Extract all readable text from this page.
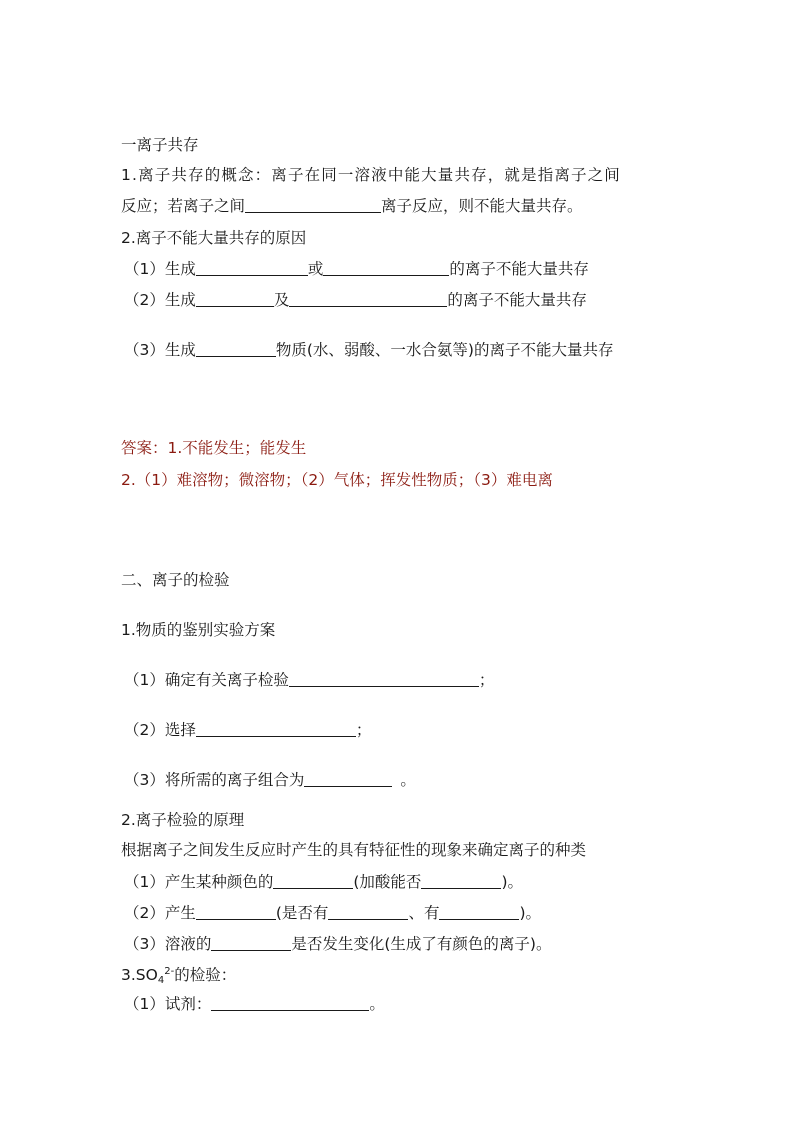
一离子共存
1.离子共存的概念：离子在同一溶液中能大量共存，就是指离子之间
反应；若离子之间	离子反应，则不能大量共存。
2.离子不能大量共存的原因
（1）生成	或	的离子不能大量共存
（2）生成	及	的离子不能大量共存
（3）生成	物质(水、弱酸、一水合氨等)的离子不能大量共存
答案：1.不能发生；能发生
2.（1）难溶物；微溶物；（2）气体；挥发性物质；（3）难电离
二、离子的检验
1.物质的鉴别实验方案
（1）确定有关离子检验	；
（2）选择	；
（3）将所需的离子组合为	。
2.离子检验的原理
根据离子之间发生反应时产生的具有特征性的现象来确定离子的种类
（1）产生某种颜色的	(加酸能否	)。
（2）产生	(是否有	、有	)。
（3）溶液的	是否发生变化(生成了有颜色的离子)。
$3.SO_4^{2-}$的检验：
（1）试剂：	。
